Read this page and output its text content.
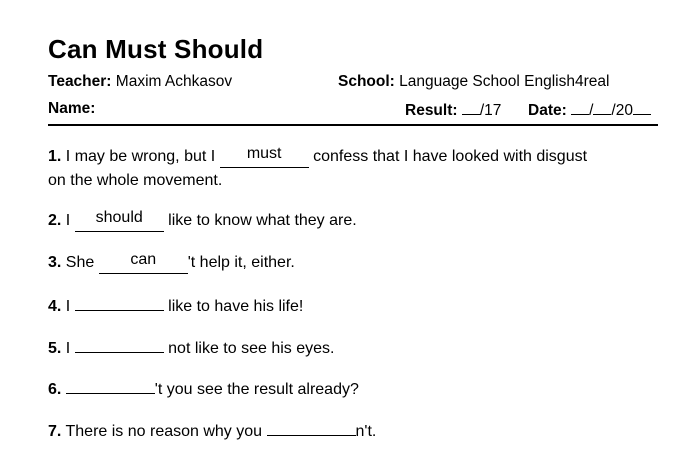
Can Must Should
Teacher: Maxim Achkasov	School: Language School English4real
Name:	Result: /17 Date: / /20
1. I may be wrong, but I must confess that I have looked with disgust
on the whole movement.
2. I should like to know what they are.
3. She can 't help it, either.
4. I	like to have his life!
5. I	not like to see his eyes.
6.	't you see the result already?
7. There is no reason why you	n't.
